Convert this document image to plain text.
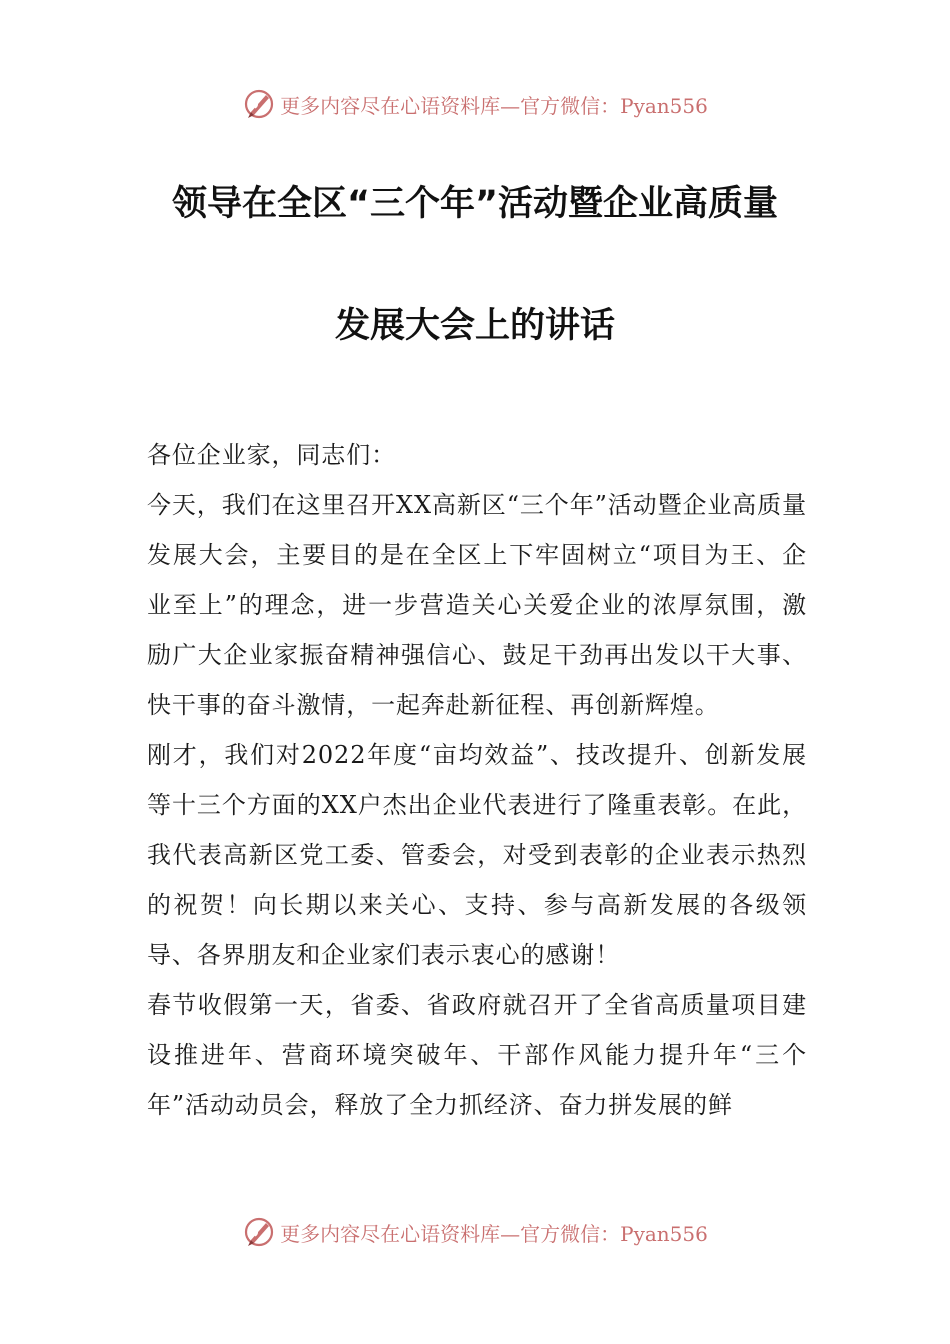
更多内容尽在心语资料库—官方微信：Pyan556
领导在全区“三个年”活动暨企业高质量
发展大会上的讲话

各位企业家，同志们：

今天，我们在这里召开XX高新区“三个年”活动暨企业高质量发展大会，主要目的是在全区上下牢固树立“项目为王、企业至上”的理念，进一步营造关心关爱企业的浓厚氛围，激励广大企业家振奋精神强信心、鼓足干劲再出发以干大事、快干事的奋斗激情，一起奔赴新征程、再创新辉煌。

刚才，我们对2022年度“亩均效益”、技改提升、创新发展等十三个方面的XX户杰出企业代表进行了隆重表彰。在此，我代表高新区党工委、管委会，对受到表彰的企业表示热烈的祝贺！向长期以来关心、支持、参与高新发展的各级领导、各界朋友和企业家们表示衷心的感谢！

春节收假第一天，省委、省政府就召开了全省高质量项目建设推进年、营商环境突破年、干部作风能力提升年“三个年”活动动员会，释放了全力抓经济、奋力拼发展的鲜

更多内容尽在心语资料库—官方微信：Pyan556
